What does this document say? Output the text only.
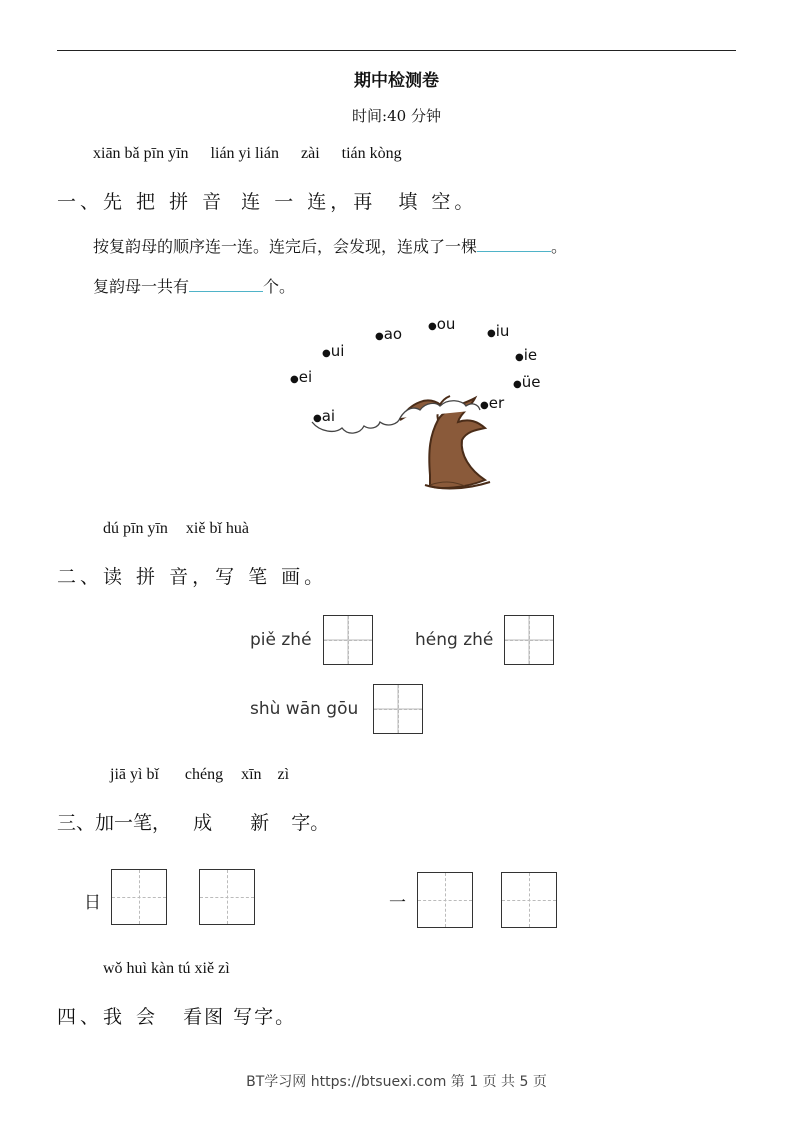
期中检测卷
时间:40 分钟
xiān bǎ pīn yīn lián yi lián zài tián kòng
一、先 把 拼 音 连 一 连，再 填 空。
按复韵母的顺序连一连。连完后，会发现，连成了一棵	。
复韵母一共有	个。
●ai
●ei
●ui
●ao	●ou
●iu
●ie
●üe
●er
dú pīn yīn xiě bǐ huà
二、读 拼 音，写 笔 画。
piě zhé	héng zhé
shù wān gōu
jiā yì bǐ chéng xīn zì
三、加一笔， 成 新 字。
日	一
wǒ huì kàn tú xiě zì
四、我 会 看图 写字。
BT学习网 https://btsuexi.com 第 1 页 共 5 页
